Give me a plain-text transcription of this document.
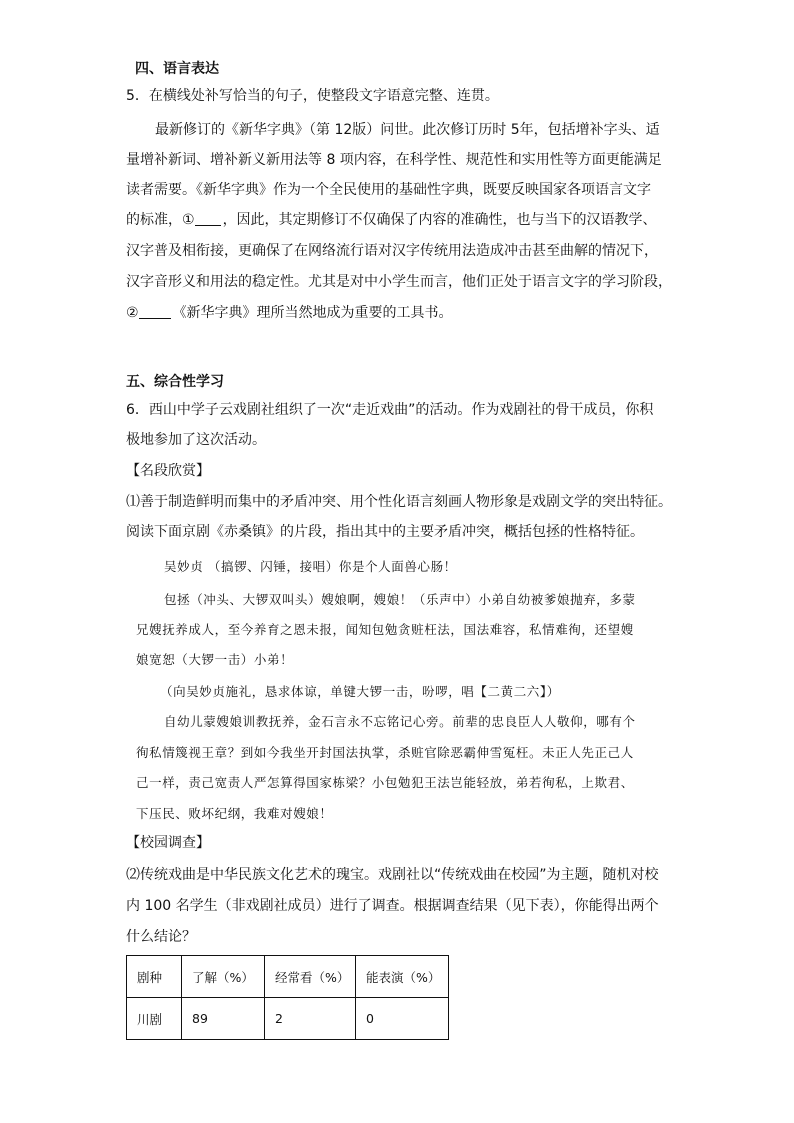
四、语言表达
5．在横线处补写恰当的句子，使整段文字语意完整、连贯。
最新修订的《新华字典》（第 12版）问世。此次修订历时 5年，包括增补字头、适
量增补新词、增补新义新用法等 8 项内容，在科学性、规范性和实用性等方面更能满足
读者需要。《新华字典》作为一个全民使用的基础性字典，既要反映国家各项语言文字
的标准，① ，因此，其定期修订不仅确保了内容的准确性，也与当下的汉语教学、
汉字普及相衔接，更确保了在网络流行语对汉字传统用法造成冲击甚至曲解的情况下，
汉字音形义和用法的稳定性。尤其是对中小学生而言，他们正处于语言文字的学习阶段，
② 《新华字典》理所当然地成为重要的工具书。
五、综合性学习
6．西山中学子云戏剧社组织了一次“走近戏曲”的活动。作为戏剧社的骨干成员，你积
极地参加了这次活动。
【名段欣赏】
⑴善于制造鲜明而集中的矛盾冲突、用个性化语言刻画人物形象是戏剧文学的突出特征。
阅读下面京剧《赤桑镇》的片段，指出其中的主要矛盾冲突，概括包拯的性格特征。
吴妙贞 （搞锣、闪锤，接唱）你是个人面兽心肠！
包拯（冲头、大锣双叫头）嫂娘啊，嫂娘！（乐声中）小弟自幼被爹娘抛弃，多蒙
兄嫂抚养成人，至今养育之恩未报，闻知包勉贪赃枉法，国法难容，私情难徇，还望嫂
娘宽恕（大锣一击）小弟！
（向吴妙贞施礼，恳求体谅，单键大锣一击，吩啰，唱【二黄二六】）
自幼儿蒙嫂娘训教抚养，金石言永不忘铭记心旁。前辈的忠良臣人人敬仰，哪有个
徇私情篾视王章？到如今我坐开封国法执掌，杀赃官除恶霸伸雪冤枉。未正人先正己人
己一样，责己宽责人严怎算得国家栋梁？小包勉犯王法岂能轻放，弟若徇私，上欺君、
下压民、败坏纪纲，我难对嫂娘！
【校园调查】
⑵传统戏曲是中华民族文化艺术的瑰宝。戏剧社以“传统戏曲在校园”为主题，随机对校
内 100 名学生（非戏剧社成员）进行了调查。根据调查结果（见下表），你能得出两个
什么结论？
剧种	了解（%）	经常看（%）	能表演（%）
川剧	89	2	0
